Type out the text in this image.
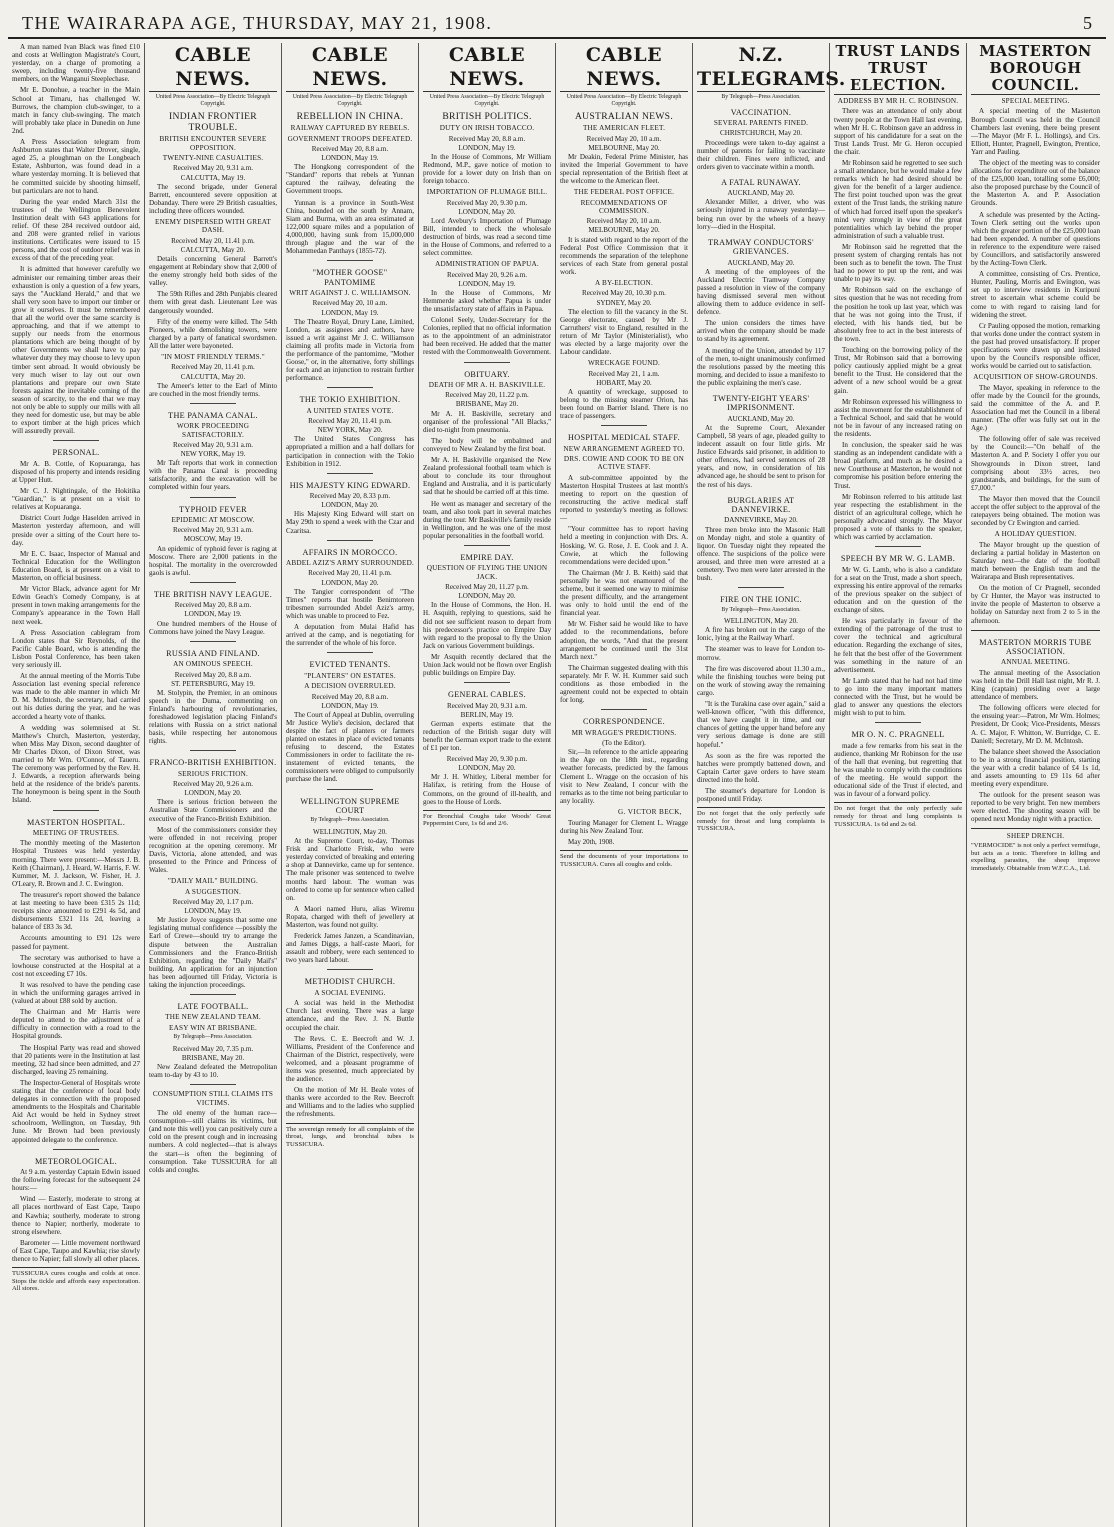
THE WAIRARAPA AGE, THURSDAY, MAY 21, 1908.	5

A man named Ivan Black was fined £10 and costs at Wellington Magistrate's Court, yesterday, on a charge of promoting a sweep, including twenty-five thousand members, on the Wanganui Steeplechase.

Mr E. Donohue, a teacher in the Main School at Timaru, has challenged W. Burrows, the champion club-swinger, to a match in fancy club-swinging. The match will probably take place in Dunedin on June 2nd.

A Press Association telegram from Ashburton states that Walter Drover, single, aged 25, a ploughman on the Longbeach Estate, Ashburton, was found dead in a whare yesterday morning. It is believed that he committed suicide by shooting himself, but particulars are not to hand.

During the year ended March 31st the trustees of the Wellington Benevolent Institution dealt with 643 applications for relief. Of these 284 received outdoor aid, and 208 were granted relief in various institutions. Certificates were issued to 15 persons, and the cost of outdoor relief was in excess of that of the preceding year.

It is admitted that however carefully we administer our remaining timber areas their exhaustion is only a question of a few years, says the "Auckland Herald," and that we shall very soon have to import our timber or grow it ourselves. It must be remembered that all the world over the same scarcity is approaching, and that if we attempt to supply our needs from the enormous plantations which are being thought of by other Governments we shall have to pay whatever duty they may choose to levy upon timber sent abroad. It would obviously be very much wiser to lay out our own plantations and prepare our own State forests against the inevitable coming of the season of scarcity, to the end that we may not only be able to supply our mills with all they need for domestic use, but may be able to export timber at the high prices which will assuredly prevail.

PERSONAL.

Mr A. B. Cottle, of Kopuaranga, has disposed of his property and intends residing at Upper Hutt.

Mr C. J. Nightingale, of the Hokitika "Guardian," is at present on a visit to relatives at Kopuaranga.

District Court Judge Haselden arrived in Masterton yesterday afternoon, and will preside over a sitting of the Court here to-day.

Mr E. C. Isaac, Inspector of Manual and Technical Education for the Wellington Education Board, is at present on a visit to Masterton, on official business.

Mr Victor Black, advance agent for Mr Edwin Geach's Comedy Company, is at present in town making arrangements for the Company's appearance in the Town Hall next week.

A Press Association cablegram from London states that Sir Reynolds, of the Pacific Cable Board, who is attending the Lisbon Postal Conference, has been taken very seriously ill.

At the annual meeting of the Morris Tube Association last evening special reference was made to the able manner in which Mr D. M. McIntosh, the secretary, had carried out his duties during the year, and he was accorded a hearty vote of thanks.

A wedding was solemnised at St. Matthew's Church, Masterton, yesterday, when Miss May Dixon, second daughter of Mr Charles Dixon, of Dixon Street, was married to Mr Wm. O'Connor, of Taueru. The ceremony was performed by the Rev. H. J. Edwards, a reception afterwards being held at the residence of the bride's parents. The honeymoon is being spent in the South Island.

MASTERTON HOSPITAL.
MEETING OF TRUSTEES.

The monthly meeting of the Masterton Hospital Trustees was held yesterday morning. There were present:—Messrs J. B. Keith (Chairman), J. Heard, W. Harris, F. W. Kummer, M. J. Jackson, W. Fisher, H. J. O'Leary, R. Brown and J. C. Ewington.

The treasurer's report showed the balance at last meeting to have been £315 2s 11d; receipts since amounted to £291 4s 5d, and disbursements £321 11s 2d, leaving a balance of £83 3s 3d.

Accounts amounting to £91 12s were passed for payment.

The secretary was authorised to have a lowhouse constructed at the Hospital at a cost not exceeding £7 10s.

It was resolved to have the pending case in which the uniforming garages arrived in (valued at about £88 sold by auction.

The Chairman and Mr Harris were deputed to attend to the adjustment of a difficulty in connection with a road to the Hospital grounds.

The Hospital Party was read and showed that 20 patients were in the Institution at last meeting, 32 had since been admitted, and 27 discharged, leaving 25 remaining.

The Inspector-General of Hospitals wrote stating that the conference of local body delegates in connection with the proposed amendments to the Hospitals and Charitable Aid Act would be held in Sydney street schoolroom, Wellington, on Tuesday, 9th June. Mr Brown had been previously appointed delegate to the conference.

METEOROLOGICAL.

At 9 a.m. yesterday Captain Edwin issued the following forecast for the subsequent 24 hours:—

Wind — Easterly, moderate to strong at all places northward of East Cape, Taupo and Kawhia; southerly, moderate to strong thence to Napier; northerly, moderate to strong elsewhere.

Barometer — Little movement northward of East Cape, Taupo and Kawhia; rise slowly thence to Napier; fall slowly all other places.

TUSSICURA cures coughs and colds at once. Stops the tickle and affords easy expectoration. All stores.

CABLE NEWS.
United Press Association—By Electric Telegraph Copyright.
INDIAN FRONTIER TROUBLE.
BRITISH ENCOUNTER SEVERE OPPOSITION.
TWENTY-NINE CASUALTIES.
Received May 20, 9.31 a.m.
CALCUTTA, May 19.

The second brigade, under General Barrett, encountered severe opposition at Dobanday. There were 29 British casualties, including three officers wounded.

ENEMY DISPERSED WITH GREAT DASH.
Received May 20, 11.41 p.m.
CALCUTTA, May 20.

Details concerning General Barrett's engagement at Rebindary show that 2,000 of the enemy strongly held both sides of the valley.

The 59th Rifles and 28th Punjabis cleared them with great dash. Lieutenant Lee was dangerously wounded.

Fifty of the enemy were killed. The 54th Pioneers, while demolishing towers, were charged by a party of fanatical swordsmen. All the latter were bayoneted.

"IN MOST FRIENDLY TERMS."
Received May 20, 11.41 p.m.
CALCUTTA, May 20.

The Ameer's letter to the Earl of Minto are couched in the most friendly terms.

THE PANAMA CANAL.
WORK PROCEEDING SATISFACTORILY.
Received May 20, 9.31 a.m.
NEW YORK, May 19.

Mr Taft reports that work in connection with the Panama Canal is proceeding satisfactorily, and the excavation will be completed within four years.

TYPHOID FEVER
EPIDEMIC AT MOSCOW.
Received May 20, 9.31 a.m.
MOSCOW, May 19.

An epidemic of typhoid fever is raging at Moscow. There are 2,000 patients in the hospital. The mortality in the overcrowded gaols is awful.

THE BRITISH NAVY LEAGUE.
Received May 20, 8.8 a.m.
LONDON, May 19.

One hundred members of the House of Commons have joined the Navy League.

RUSSIA AND FINLAND.
AN OMINOUS SPEECH.
Received May 20, 8.8 a.m.
ST. PETERSBURG, May 19.

M. Stolypin, the Premier, in an ominous speech in the Duma, commenting on Finland's harbouring of revolutionaries, foreshadowed legislation placing Finland's relations with Russia on a strict national basis, while respecting her autonomous rights.

FRANCO-BRITISH EXHIBITION.
SERIOUS FRICTION.
Received May 20, 9.26 a.m.
LONDON, May 20.

There is serious friction between the Australian State Commissioners and the executive of the Franco-British Exhibition.

Most of the commissioners consider they were offended in not receiving proper recognition at the opening ceremony. Mr Davis, Victoria, alone attended, and was presented to the Prince and Princess of Wales.

"DAILY MAIL" BUILDING.
A SUGGESTION.
Received May 20, 1.17 p.m.
LONDON, May 19.

Mr Justice Joyce suggests that some one legislating mutual confidence —possibly the Earl of Crewe—should try to arrange the dispute between the Australian Commissioners and the Franco-British Exhibition, regarding the "Daily Mail's" building. An application for an injunction has been adjourned till Friday, Victoria is taking the injunction proceedings.

LATE FOOTBALL.
THE NEW ZEALAND TEAM.
EASY WIN AT BRISBANE.
By Telegraph—Press Association.
Received May 20, 7.35 p.m.
BRISBANE, May 20.

New Zealand defeated the Metropolitan team to-day by 43 to 10.

CONSUMPTION STILL CLAIMS ITS VICTIMS.

The old enemy of the human race—consumption—still claims its victims, but (and note this well) you can positively cure a cold on the present cough and in increasing numbers. A cold neglected—that is always the start—is often the beginning of consumption. Take TUSSICURA for all colds and coughs.

CABLE NEWS.
United Press Association—By Electric Telegraph Copyright.
REBELLION IN CHINA.
RAILWAY CAPTURED BY REBELS.
GOVERNMENT TROOPS DEFEATED.
Received May 20, 8.8 a.m.
LONDON, May 19.

The Hongkong correspondent of the "Standard" reports that rebels at Yunnan captured the railway, defeating the Government troops.

Yunnan is a province in South-West China, bounded on the south by Annam, Siam and Burma, with an area estimated at 122,000 square miles and a population of 4,000,000, having sunk from 15,000,000 through plague and the war of the Mohammedan Panthays (1855-72).

"MOTHER GOOSE" PANTOMIME
WRIT AGAINST J. C. WILLIAMSON.
Received May 20, 10 a.m.
LONDON, May 19.

The Theatre Royal, Drury Lane, Limited, London, as assignees and authors, have issued a writ against Mr J. C. Williamson claiming all profits made in Victoria from the performance of the pantomime, "Mother Goose," or, in the alternative, forty shillings for each and an injunction to restrain further performance.

THE TOKIO EXHIBITION.
A UNITED STATES VOTE.
Received May 20, 11.41 p.m.
NEW YORK, May 20.

The United States Congress has appropriated a million and a half dollars for participation in connection with the Tokio Exhibition in 1912.

HIS MAJESTY KING EDWARD.
Received May 20, 8.33 p.m.
LONDON, May 20.

His Majesty King Edward will start on May 29th to spend a week with the Czar and Czaritsa.

AFFAIRS IN MOROCCO.
ABDEL AZIZ'S ARMY SURROUNDED.
Received May 20, 11.41 p.m.
LONDON, May 20.

The Tangier correspondent of "The Times" reports that hostile Benimtoreen tribesmen surrounded Abdel Aziz's army, which was unable to proceed to Fez.

A deputation from Mulai Hafid has arrived at the camp, and is negotiating for the surrender of the whole of his force.

EVICTED TENANTS.
"PLANTERS" ON ESTATES.
A DECISION OVERRULED.
Received May 20, 8.8 a.m.
LONDON, May 19.

The Court of Appeal at Dublin, overruling Mr Justice Wylie's decision, declared that despite the fact of planters or farmers planted on estates in place of evicted tenants refusing to descend, the Estates Commissioners in order to facilitate the re-instatement of evicted tenants, the commissioners were obliged to compulsorily purchase the land.

WELLINGTON SUPREME COURT
By Telegraph—Press Association.
WELLINGTON, May 20.

At the Supreme Court, to-day, Thomas Frisk and Charlotte Frisk, who were yesterday convicted of breaking and entering a shop at Dannevirke, came up for sentence. The male prisoner was sentenced to twelve months hard labour. The woman was ordered to come up for sentence when called on.

A Maori named Huru, alias Wiremu Ropata, charged with theft of jewellery at Masterton, was found not guilty.

Frederick James Janzen, a Scandinavian, and James Diggs, a half-caste Maori, for assault and robbery, were each sentenced to two years hard labour.

METHODIST CHURCH.
A SOCIAL EVENING.

A social was held in the Methodist Church last evening. There was a large attendance, and the Rev. J. N. Buttle occupied the chair.

The Revs. C. E. Beecroft and W. J. Williams, President of the Conference and Chairman of the District, respectively, were welcomed, and a pleasant programme of items was presented, much appreciated by the audience.

On the motion of Mr H. Beale votes of thanks were accorded to the Rev. Beecroft and Williams and to the ladies who supplied the refreshments.

The sovereign remedy for all complaints of the throat, lungs, and bronchial tubes is TUSSICURA.

CABLE NEWS.
United Press Association—By Electric Telegraph Copyright.
BRITISH POLITICS.
DUTY ON IRISH TOBACCO.
Received May 20, 8.8 a.m.
LONDON, May 19.

In the House of Commons, Mr William Redmond, M.P., gave notice of motion to provide for a lower duty on Irish than on foreign tobacco.

IMPORTATION OF PLUMAGE BILL.
Received May 20, 9.30 p.m.
LONDON, May 20.

Lord Avebury's Importation of Plumage Bill, intended to check the wholesale destruction of birds, was read a second time in the House of Commons, and referred to a select committee.

ADMINISTRATION OF PAPUA.
Received May 20, 9.26 a.m.
LONDON, May 19.

In the House of Commons, Mr Hemmerde asked whether Papua is under the unsatisfactory state of affairs in Papua.

Colonel Seely, Under-Secretary for the Colonies, replied that no official information as to the appointment of an administrator had been received. He added that the matter rested with the Commonwealth Government.

OBITUARY.
DEATH OF MR A. H. BASKIVILLE.
Received May 20, 11.22 p.m.
BRISBANE, May 20.

Mr A. H. Baskiville, secretary and organiser of the professional "All Blacks," died to-night from pneumonia.

The body will be embalmed and conveyed to New Zealand by the first boat.

Mr A. H. Baskiville organised the New Zealand professional football team which is about to conclude its tour throughout England and Australia, and it is particularly sad that he should be carried off at this time.

He went as manager and secretary of the team, and also took part in several matches during the tour. Mr Baskiville's family reside in Wellington, and he was one of the most popular personalities in the football world.

EMPIRE DAY.
QUESTION OF FLYING THE UNION JACK.
Received May 20, 11.27 p.m.
LONDON, May 20.

In the House of Commons, the Hon. H. H. Asquith, replying to questions, said he did not see sufficient reason to depart from his predecessor's practice on Empire Day with regard to the proposal to fly the Union Jack on various Government buildings.

Mr Asquith recently declared that the Union Jack would not be flown over English public buildings on Empire Day.

GENERAL CABLES.
Received May 20, 9.31 a.m.
BERLIN, May 19.

German experts estimate that the reduction of the British sugar duty will benefit the German export trade to the extent of £1 per ton.

Received May 20, 9.30 p.m.
LONDON, May 20.

Mr J. H. Whitley, Liberal member for Halifax, is retiring from the House of Commons, on the ground of ill-health, and goes to the House of Lords.

For Bronchial Coughs take Woods' Great Peppermint Cure, 1s 6d and 2/6.

CABLE NEWS.
United Press Association—By Electric Telegraph Copyright.
AUSTRALIAN NEWS.
THE AMERICAN FLEET.
Received May 20, 10 a.m.
MELBOURNE, May 20.

Mr Deakin, Federal Prime Minister, has invited the Imperial Government to have special representation of the British fleet at the welcome to the American fleet.

THE FEDERAL POST OFFICE.
RECOMMENDATIONS OF COMMISSION.
Received May 20, 10 a.m.
MELBOURNE, May 20.

It is stated with regard to the report of the Federal Post Office Commission that it recommends the separation of the telephone services of each State from general postal work.

A BY-ELECTION.
Received May 20, 10.30 p.m.
SYDNEY, May 20.

The election to fill the vacancy in the St. George electorate, caused by Mr J. Carruthers' visit to England, resulted in the return of Mr Taylor (Ministerialist), who was elected by a large majority over the Labour candidate.

WRECKAGE FOUND.
Received May 21, 1 a.m.
HOBART, May 20.

A quantity of wreckage, supposed to belong to the missing steamer Orion, has been found on Barrier Island. There is no trace of passengers.

HOSPITAL MEDICAL STAFF.
NEW ARRANGEMENT AGREED TO.
DRS. COWIE AND COOK TO BE ON ACTIVE STAFF.

A sub-committee appointed by the Masterton Hospital Trustees at last month's meeting to report on the question of reconstructing the active medical staff reported to yesterday's meeting as follows:—

"Your committee has to report having held a meeting in conjunction with Drs. A. Hosking, W. G. Rose, J. E. Cook and J. A. Cowie, at which the following recommendations were decided upon."

The Chairman (Mr J. B. Keith) said that personally he was not enamoured of the scheme, but it seemed one way to minimise the present difficulty, and the arrangement was only to hold until the end of the financial year.

Mr W. Fisher said he would like to have added to the recommendations, before adoption, the words, "And that the present arrangement be continued until the 31st March next."

The Chairman suggested dealing with this separately. Mr F. W. H. Kummer said such conditions as those embodied in the agreement could not be expected to obtain for long.

CORRESPONDENCE.
MR WRAGGE'S PREDICTIONS.
(To the Editor).

Sir,—In reference to the article appearing in the Age on the 18th inst., regarding weather forecasts, predicted by the famous Clement L. Wragge on the occasion of his visit to New Zealand, I concur with the remarks as to the time not being particular to any locality.

G. VICTOR BECK,

Touring Manager for Clement L. Wragge during his New Zealand Tour.

May 20th, 1908.

Send the documents of your importations to TUSSICURA. Cures all coughs and colds.

N.Z. TELEGRAMS.
By Telegraph—Press Association.
VACCINATION.
SEVERAL PARENTS FINED.
CHRISTCHURCH, May 20.

Proceedings were taken to-day against a number of parents for failing to vaccinate their children. Fines were inflicted, and orders given to vaccinate within a month.

A FATAL RUNAWAY.
AUCKLAND, May 20.

Alexander Miller, a driver, who was seriously injured in a runaway yesterday—being run over by the wheels of a heavy lorry—died in the Hospital.

TRAMWAY CONDUCTORS' GRIEVANCES.
AUCKLAND, May 20.

A meeting of the employees of the Auckland Electric Tramway Company passed a resolution in view of the company having dismissed several men without allowing them to adduce evidence in self-defence.

The union considers the times have arrived when the company should be made to stand by its agreement.

A meeting of the Union, attended by 117 of the men, to-night unanimously confirmed the resolutions passed by the meeting this morning, and decided to issue a manifesto to the public explaining the men's case.

TWENTY-EIGHT YEARS' IMPRISONMENT.
AUCKLAND, May 20.

At the Supreme Court, Alexander Campbell, 58 years of age, pleaded guilty to indecent assault on four little girls. Mr Justice Edwards said prisoner, in addition to other offences, had served sentences of 28 years, and now, in consideration of his advanced age, he should be sent to prison for the rest of his days.

BURGLARIES AT DANNEVIRKE.
DANNEVIRKE, May 20.

Three men broke into the Masonic Hall on Monday night, and stole a quantity of liquor. On Tuesday night they repeated the offence. The suspicions of the police were aroused, and three men were arrested at a cemetery. Two men were later arrested in the bush.

FIRE ON THE IONIC.
By Telegraph—Press Association.
WELLINGTON, May 20.

A fire has broken out in the cargo of the Ionic, lying at the Railway Wharf.

The steamer was to leave for London to-morrow.

The fire was discovered about 11.30 a.m., while the finishing touches were being put on the work of stowing away the remaining cargo.

"It is the Turakina case over again," said a well-known officer, "with this difference, that we have caught it in time, and our chances of getting the upper hand before any very serious damage is done are still hopeful."

As soon as the fire was reported the hatches were promptly battened down, and Captain Carter gave orders to have steam directed into the hold.

The steamer's departure for London is postponed until Friday.

Do not forget that the only perfectly safe remedy for throat and lung complaints is TUSSICURA.

TRUST LANDS TRUST ELECTION.
ADDRESS BY MR H. C. ROBINSON.

There was an attendance of only about twenty people at the Town Hall last evening, when Mr H. C. Robinson gave an address in support of his candidature for a seat on the Trust Lands Trust. Mr G. Heron occupied the chair.

Mr Robinson said he regretted to see such a small attendance, but he would make a few remarks which he had desired should be given for the benefit of a larger audience. The first point touched upon was the great extent of the Trust lands, the striking nature of which had forced itself upon the speaker's mind very strongly in view of the great potentialities which lay behind the proper administration of such a valuable trust.

Mr Robinson said he regretted that the present system of charging rentals has not been such as to benefit the town. The Trust had no power to put up the rent, and was unable to pay its way.

Mr Robinson said on the exchange of sites question that he was not receding from the position he took up last year, which was that he was not going into the Trust, if elected, with his hands tied, but be absolutely free to act in the best interests of the town.

Touching on the borrowing policy of the Trust, Mr Robinson said that a borrowing policy cautiously applied might be a great benefit to the Trust. He considered that the advent of a new school would be a great gain.

Mr Robinson expressed his willingness to assist the movement for the establishment of a Technical School, and said that he would not be in favour of any increased rating on the residents.

In conclusion, the speaker said he was standing as an independent candidate with a broad platform, and much as he desired a new Courthouse at Masterton, he would not compromise his position before entering the Trust.

Mr Robinson referred to his attitude last year respecting the establishment in the district of an agricultural college, which he personally advocated strongly. The Mayor proposed a vote of thanks to the speaker, which was carried by acclamation.

SPEECH BY MR W. G. LAMB.

Mr W. G. Lamb, who is also a candidate for a seat on the Trust, made a short speech, expressing his entire approval of the remarks of the previous speaker on the subject of education and on the question of the exchange of sites.

He was particularly in favour of the extending of the patronage of the trust to cover the technical and agricultural education. Regarding the exchange of sites, he felt that the best offer of the Government was something in the nature of an advertisement.

Mr Lamb stated that he had not had time to go into the many important matters connected with the Trust, but he would be glad to answer any questions the electors might wish to put to him.

MR O. N. C. PRAGNELL

made a few remarks from his seat in the audience, thanking Mr Robinson for the use of the hall that evening, but regretting that he was unable to comply with the conditions of the meeting. He would support the educational side of the Trust if elected, and was in favour of a forward policy.

Do not forget that the only perfectly safe remedy for throat and lung complaints is TUSSICURA. 1s 6d and 2s 6d.

MASTERTON BOROUGH COUNCIL.
SPECIAL MEETING.

A special meeting of the Masterton Borough Council was held in the Council Chambers last evening, there being present—The Mayor (Mr F. L. Hollings), and Crs. Elliott, Hunter, Pragnell, Ewington, Prentice, Yarr and Pauling.

The object of the meeting was to consider allocations for expenditure out of the balance of the £25,000 loan, totalling some £6,000; also the proposed purchase by the Council of the Masterton A. and P. Association Grounds.

A schedule was presented by the Acting-Town Clerk setting out the works upon which the greater portion of the £25,000 loan had been expended. A number of questions in reference to the expenditure were raised by Councillors, and satisfactorily answered by the Acting-Town Clerk.

A committee, consisting of Crs. Prentice, Hunter, Pauling, Morris and Ewington, was set up to interview residents in Kuripuni street to ascertain what scheme could be come to with regard to raising land for widening the street.

Cr Pauling opposed the motion, remarking that works done under the contract system in the past had proved unsatisfactory. If proper specifications were drawn up and insisted upon by the Council's responsible officer, works would be carried out to satisfaction.

ACQUISITION OF SHOW-GROUNDS.

The Mayor, speaking in reference to the offer made by the Council for the grounds, said the committee of the A. and P. Association had met the Council in a liberal manner. (The offer was fully set out in the Age.)

The following offer of sale was received by the Council:—"On behalf of the Masterton A. and P. Society I offer you our Showgrounds in Dixon street, land comprising about 33½ acres, two grandstands, and buildings, for the sum of £7,000."

The Mayor then moved that the Council accept the offer subject to the approval of the ratepayers being obtained. The motion was seconded by Cr Ewington and carried.

A HOLIDAY QUESTION.

The Mayor brought up the question of declaring a partial holiday in Masterton on Saturday next—the date of the football match between the English team and the Wairarapa and Bush representatives.

On the motion of Cr Pragnell, seconded by Cr Hunter, the Mayor was instructed to invite the people of Masterton to observe a holiday on Saturday next from 2 to 5 in the afternoon.

MASTERTON MORRIS TUBE ASSOCIATION.
ANNUAL MEETING.

The annual meeting of the Association was held in the Drill Hall last night, Mr R. J. King (captain) presiding over a large attendance of members.

The following officers were elected for the ensuing year:—Patron, Mr Wm. Holmes; President, Dr Cook; Vice-Presidents, Messrs A. C. Major, F. Whitton, W. Burridge, C. E. Daniell; Secretary, Mr D. M. McIntosh.

The balance sheet showed the Association to be in a strong financial position, starting the year with a credit balance of £4 1s 1d, and assets amounting to £9 11s 6d after meeting every expenditure.

The outlook for the present season was reported to be very bright. Ten new members were elected. The shooting season will be opened next Monday night with a practice.

SHEEP DRENCH.

"VERMOCIDE" is not only a perfect vermifuge, but acts as a tonic. Therefore in killing and expelling parasites, the sheep improve immediately. Obtainable from W.F.C.A., Ltd.
